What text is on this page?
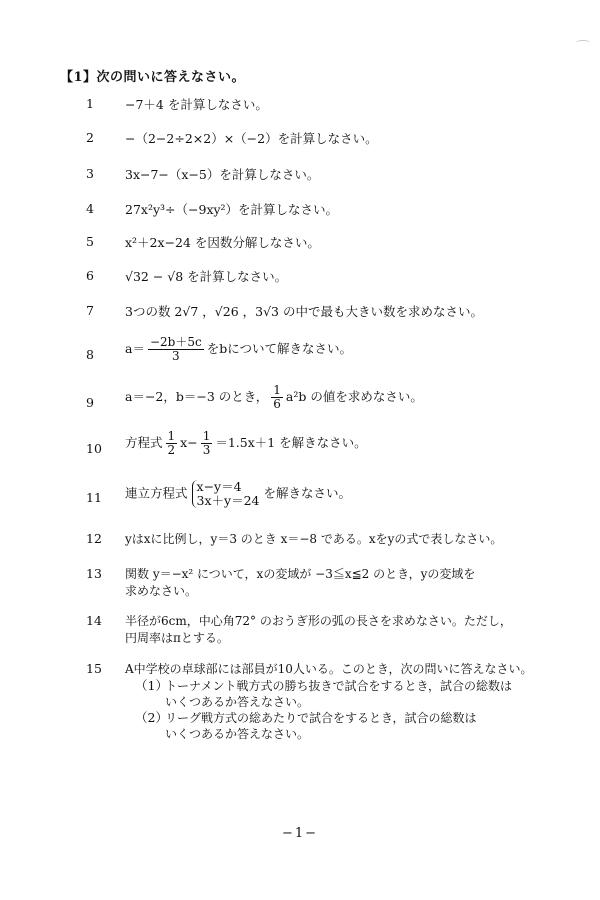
【1】次の問いに答えなさい。
1	−7＋4 を計算しなさい。
2	−（2−2÷2×2）×（−2）を計算しなさい。
3	3x−7−（x−5）を計算しなさい。
4	27x²y³÷（−9xy²）を計算しなさい。
5	x²＋2x−24 を因数分解しなさい。
6	√32 − √8 を計算しなさい。
7	3つの数 2√7 ，√26 ，3√3 の中で最も大きい数を求めなさい。
8	$a= \frac{-2b+5c}{3}$ をbについて解きなさい。
9	a＝−2，b＝−3 のとき， $\frac{1}{6} a^2b$ の値を求めなさい。
10	方程式 $\frac{1}{2} x- \frac{1}{3} =1.5x+1$ を解きなさい。
11	連立方程式 x−y＝4
3x＋y＝24 を解きなさい。
12	yはxに比例し，y＝3 のとき x＝−8 である。xをyの式で表しなさい。
13	関数 y＝−x² について，xの変域が −3≦x≦2 のとき，yの変域を
求めなさい。
14	半径が6cm，中心角72° のおうぎ形の弧の長さを求めなさい。ただし，
円周率はπとする。
15	A中学校の卓球部には部員が10人いる。このとき，次の問いに答えなさい。
（1）
トーナメント戦方式の勝ち抜きで試合をするとき，試合の総数は
いくつあるか答えなさい。
（2）
リーグ戦方式の総あたりで試合をするとき，試合の総数は
いくつあるか答えなさい。
−1−
